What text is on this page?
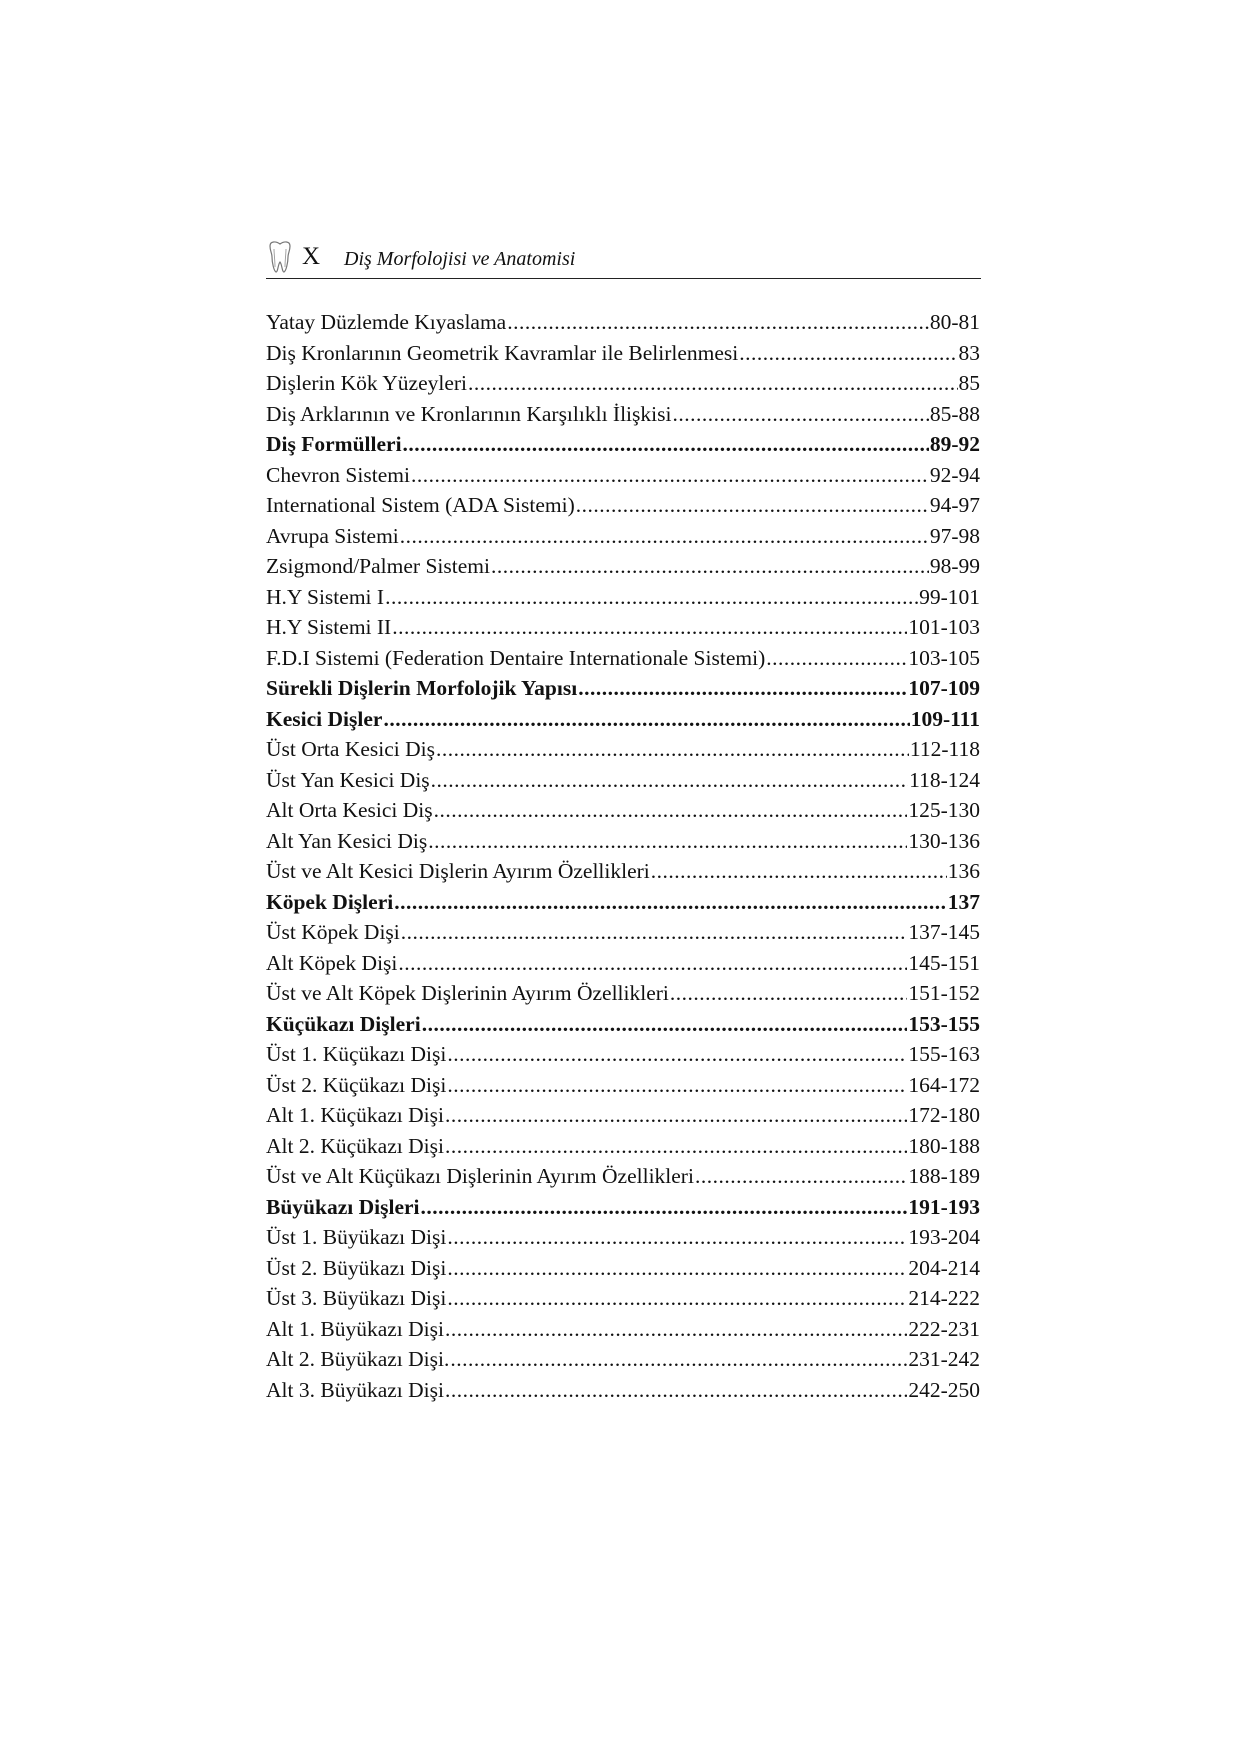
X Diş Morfolojisi ve Anatomisi
Yatay Düzlemde Kıyaslama .....	80-81
Diş Kronlarının Geometrik Kavramlar ile Belirlenmesi .....	83
Dişlerin Kök Yüzeyleri .....	85
Diş Arklarının ve Kronlarının Karşılıklı İlişkisi .....	85-88
Diş Formülleri .....	89-92
Chevron Sistemi .....	92-94
International Sistem (ADA Sistemi) .....	94-97
Avrupa Sistemi .....	97-98
Zsigmond/Palmer Sistemi .....	98-99
H.Y Sistemi I .....	99-101
H.Y Sistemi II .....	101-103
F.D.I Sistemi (Federation Dentaire Internationale Sistemi) .....	103-105
Sürekli Dişlerin Morfolojik Yapısı .....	107-109
Kesici Dişler .....	109-111
Üst Orta Kesici Diş .....	112-118
Üst Yan Kesici Diş .....	118-124
Alt Orta Kesici Diş .....	125-130
Alt Yan Kesici Diş .....	130-136
Üst ve Alt Kesici Dişlerin Ayırım Özellikleri .....	136
Köpek Dişleri .....	137
Üst Köpek Dişi .....	137-145
Alt Köpek Dişi .....	145-151
Üst ve Alt Köpek Dişlerinin Ayırım Özellikleri .....	151-152
Küçükazı Dişleri .....	153-155
Üst 1. Küçükazı Dişi .....	155-163
Üst 2. Küçükazı Dişi .....	164-172
Alt 1. Küçükazı Dişi .....	172-180
Alt 2. Küçükazı Dişi .....	180-188
Üst ve Alt Küçükazı Dişlerinin Ayırım Özellikleri .....	188-189
Büyükazı Dişleri .....	191-193
Üst 1. Büyükazı Dişi .....	193-204
Üst 2. Büyükazı Dişi .....	204-214
Üst 3. Büyükazı Dişi .....	214-222
Alt 1. Büyükazı Dişi .....	222-231
Alt 2. Büyükazı Dişi. .....	231-242
Alt 3. Büyükazı Dişi .....	242-250
